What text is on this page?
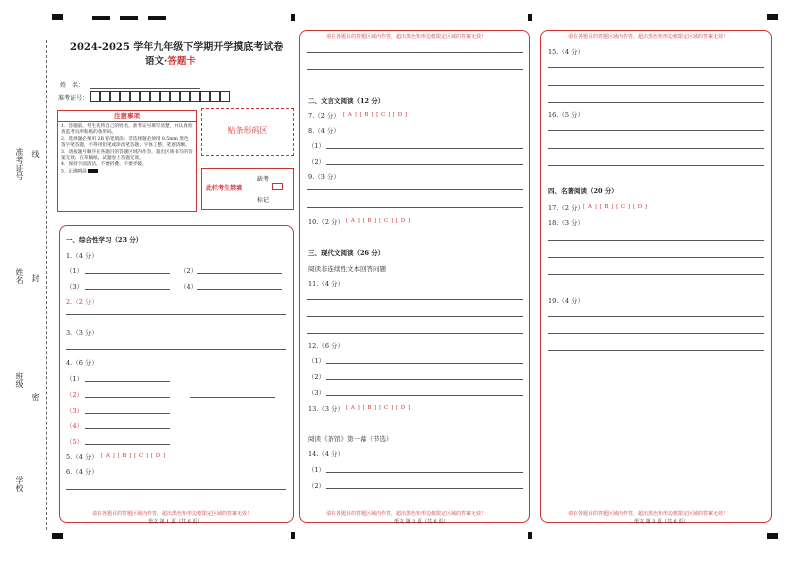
准考证号 线
姓名 封
班级
密
学校
2024-2025 学年九年级下学期开学摸底考试卷
语文·答题卡
姓　名：
准考证号：
注意事项
1．答题前，考生先将自己的姓名，准考证号填写清楚，并认真检查监考员所粘贴的条形码。
2．选择题必须用 2B 铅笔填涂；非选择题必须用 0.5mm 黑色签字笔答题，不得用铅笔或涂改笔答题；字体工整、笔迹清晰。
3．请按题号顺序在各题目的答题区域内作答，超出区域书写的答案无效；在草稿纸、试题卷上答题无效。
4．保持卡面清洁，不要折叠、不要弄破。
5．正确填涂
贴条形码区
此栏考生禁填
缺考
标记
一、综合性学习（23 分）
1.（4 分）
（1）	（2）
（3）	（4）
2.（2 分）
3.（3 分）
4.（6 分）
（1）
（2）
（3）
（4）
（5）
5.（4 分） [ A ] [ B ] [ C ] [ D ]
6.（4 分）
请在各题目的答题区域内作答，超出黑色矩形边框限定区域的答案无效！
语文 第 1 页（共 6 页）
请在各题目的答题区域内作答，超出黑色矩形边框限定区域的答案无效！
二、文言文阅读（12 分）
7.（2 分） [ A ] [ B ] [ C ] [ D ]
8.（4 分）
（1）
（2）
9.（3 分）
10.（2 分） [ A ] [ B ] [ C ] [ D ]
三、现代文阅读（26 分）
阅读非连续性文本回答问题
11.（4 分）
12.（6 分）
（1）
（2）
（3）
13.（3 分） [ A ] [ B ] [ C ] [ D ]
阅读《茶馆》第一幕（节选）
14.（4 分）
（1）
（2）
请在各题目的答题区域内作答，超出黑色矩形边框限定区域的答案无效！
语文 第 2 页（共 6 页）
请在各题目的答题区域内作答，超出黑色矩形边框限定区域的答案无效！
15.（4 分）
16.（5 分）
四、名著阅读（20 分）
17.（2 分）
[ A ] [ B ] [ C ] [ D ]
18.（3 分）
19.（4 分）
请在各题目的答题区域内作答，超出黑色矩形边框限定区域的答案无效！
语文 第 3 页（共 6 页）
